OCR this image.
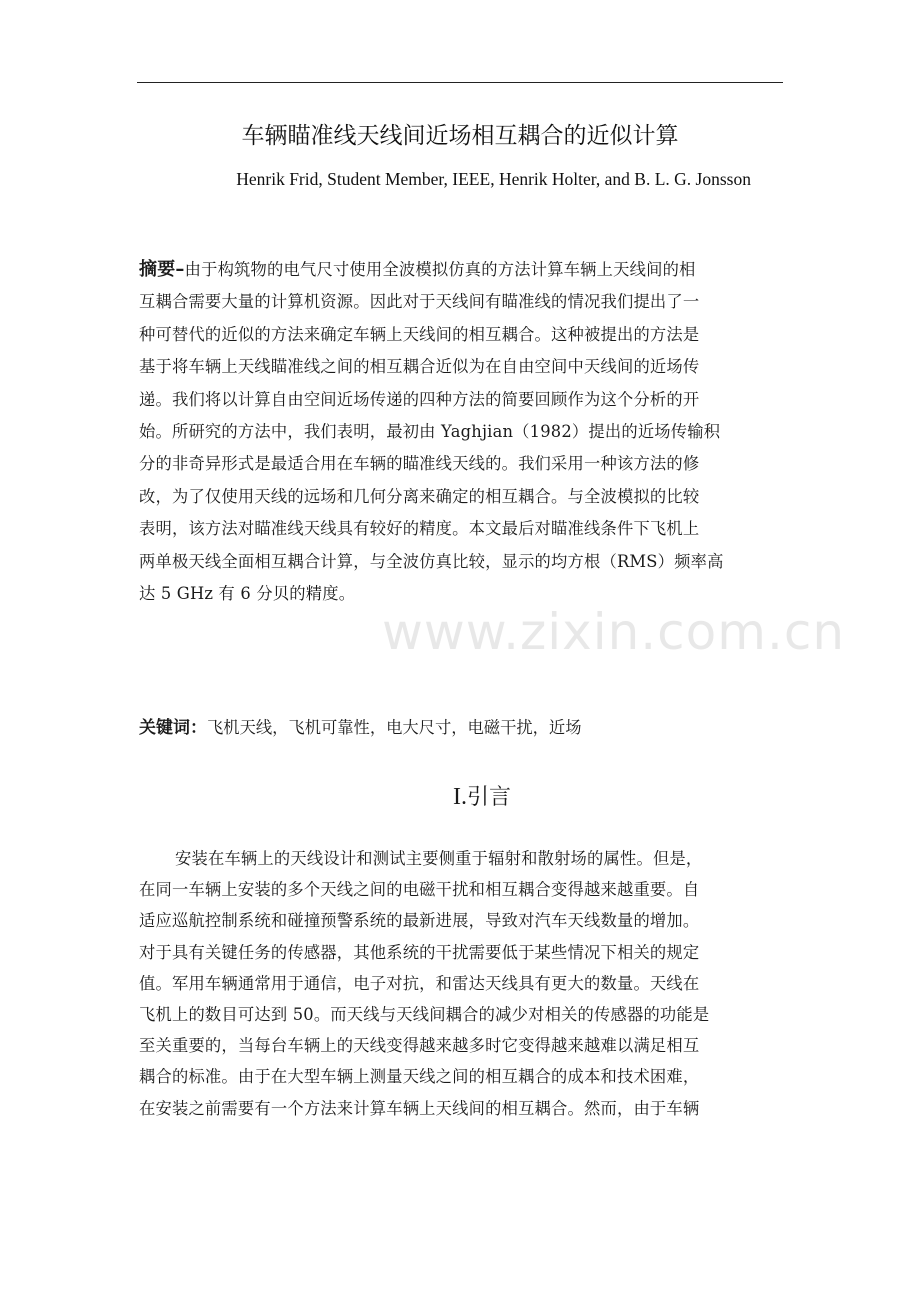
车辆瞄准线天线间近场相互耦合的近似计算
Henrik Frid, Student Member, IEEE, Henrik Holter, and B. L. G. Jonsson
摘要–由于构筑物的电气尺寸使用全波模拟仿真的方法计算车辆上天线间的相
互耦合需要大量的计算机资源。因此对于天线间有瞄准线的情况我们提出了一
种可替代的近似的方法来确定车辆上天线间的相互耦合。这种被提出的方法是
基于将车辆上天线瞄准线之间的相互耦合近似为在自由空间中天线间的近场传
递。我们将以计算自由空间近场传递的四种方法的简要回顾作为这个分析的开
始。所研究的方法中，我们表明，最初由 Yaghjian（1982）提出的近场传输积
分的非奇异形式是最适合用在车辆的瞄准线天线的。我们采用一种该方法的修
改，为了仅使用天线的远场和几何分离来确定的相互耦合。与全波模拟的比较
表明，该方法对瞄准线天线具有较好的精度。本文最后对瞄准线条件下飞机上
两单极天线全面相互耦合计算，与全波仿真比较，显示的均方根（RMS）频率高
达 5 GHz 有 6 分贝的精度。
www.zixin.com.cn
关键词：飞机天线，飞机可靠性，电大尺寸，电磁干扰，近场
I.引言
安装在车辆上的天线设计和测试主要侧重于辐射和散射场的属性。但是，
在同一车辆上安装的多个天线之间的电磁干扰和相互耦合变得越来越重要。自
适应巡航控制系统和碰撞预警系统的最新进展，导致对汽车天线数量的增加。
对于具有关键任务的传感器，其他系统的干扰需要低于某些情况下相关的规定
值。军用车辆通常用于通信，电子对抗，和雷达天线具有更大的数量。天线在
飞机上的数目可达到 50。而天线与天线间耦合的减少对相关的传感器的功能是
至关重要的，当每台车辆上的天线变得越来越多时它变得越来越难以满足相互
耦合的标准。由于在大型车辆上测量天线之间的相互耦合的成本和技术困难，
在安装之前需要有一个方法来计算车辆上天线间的相互耦合。然而，由于车辆
